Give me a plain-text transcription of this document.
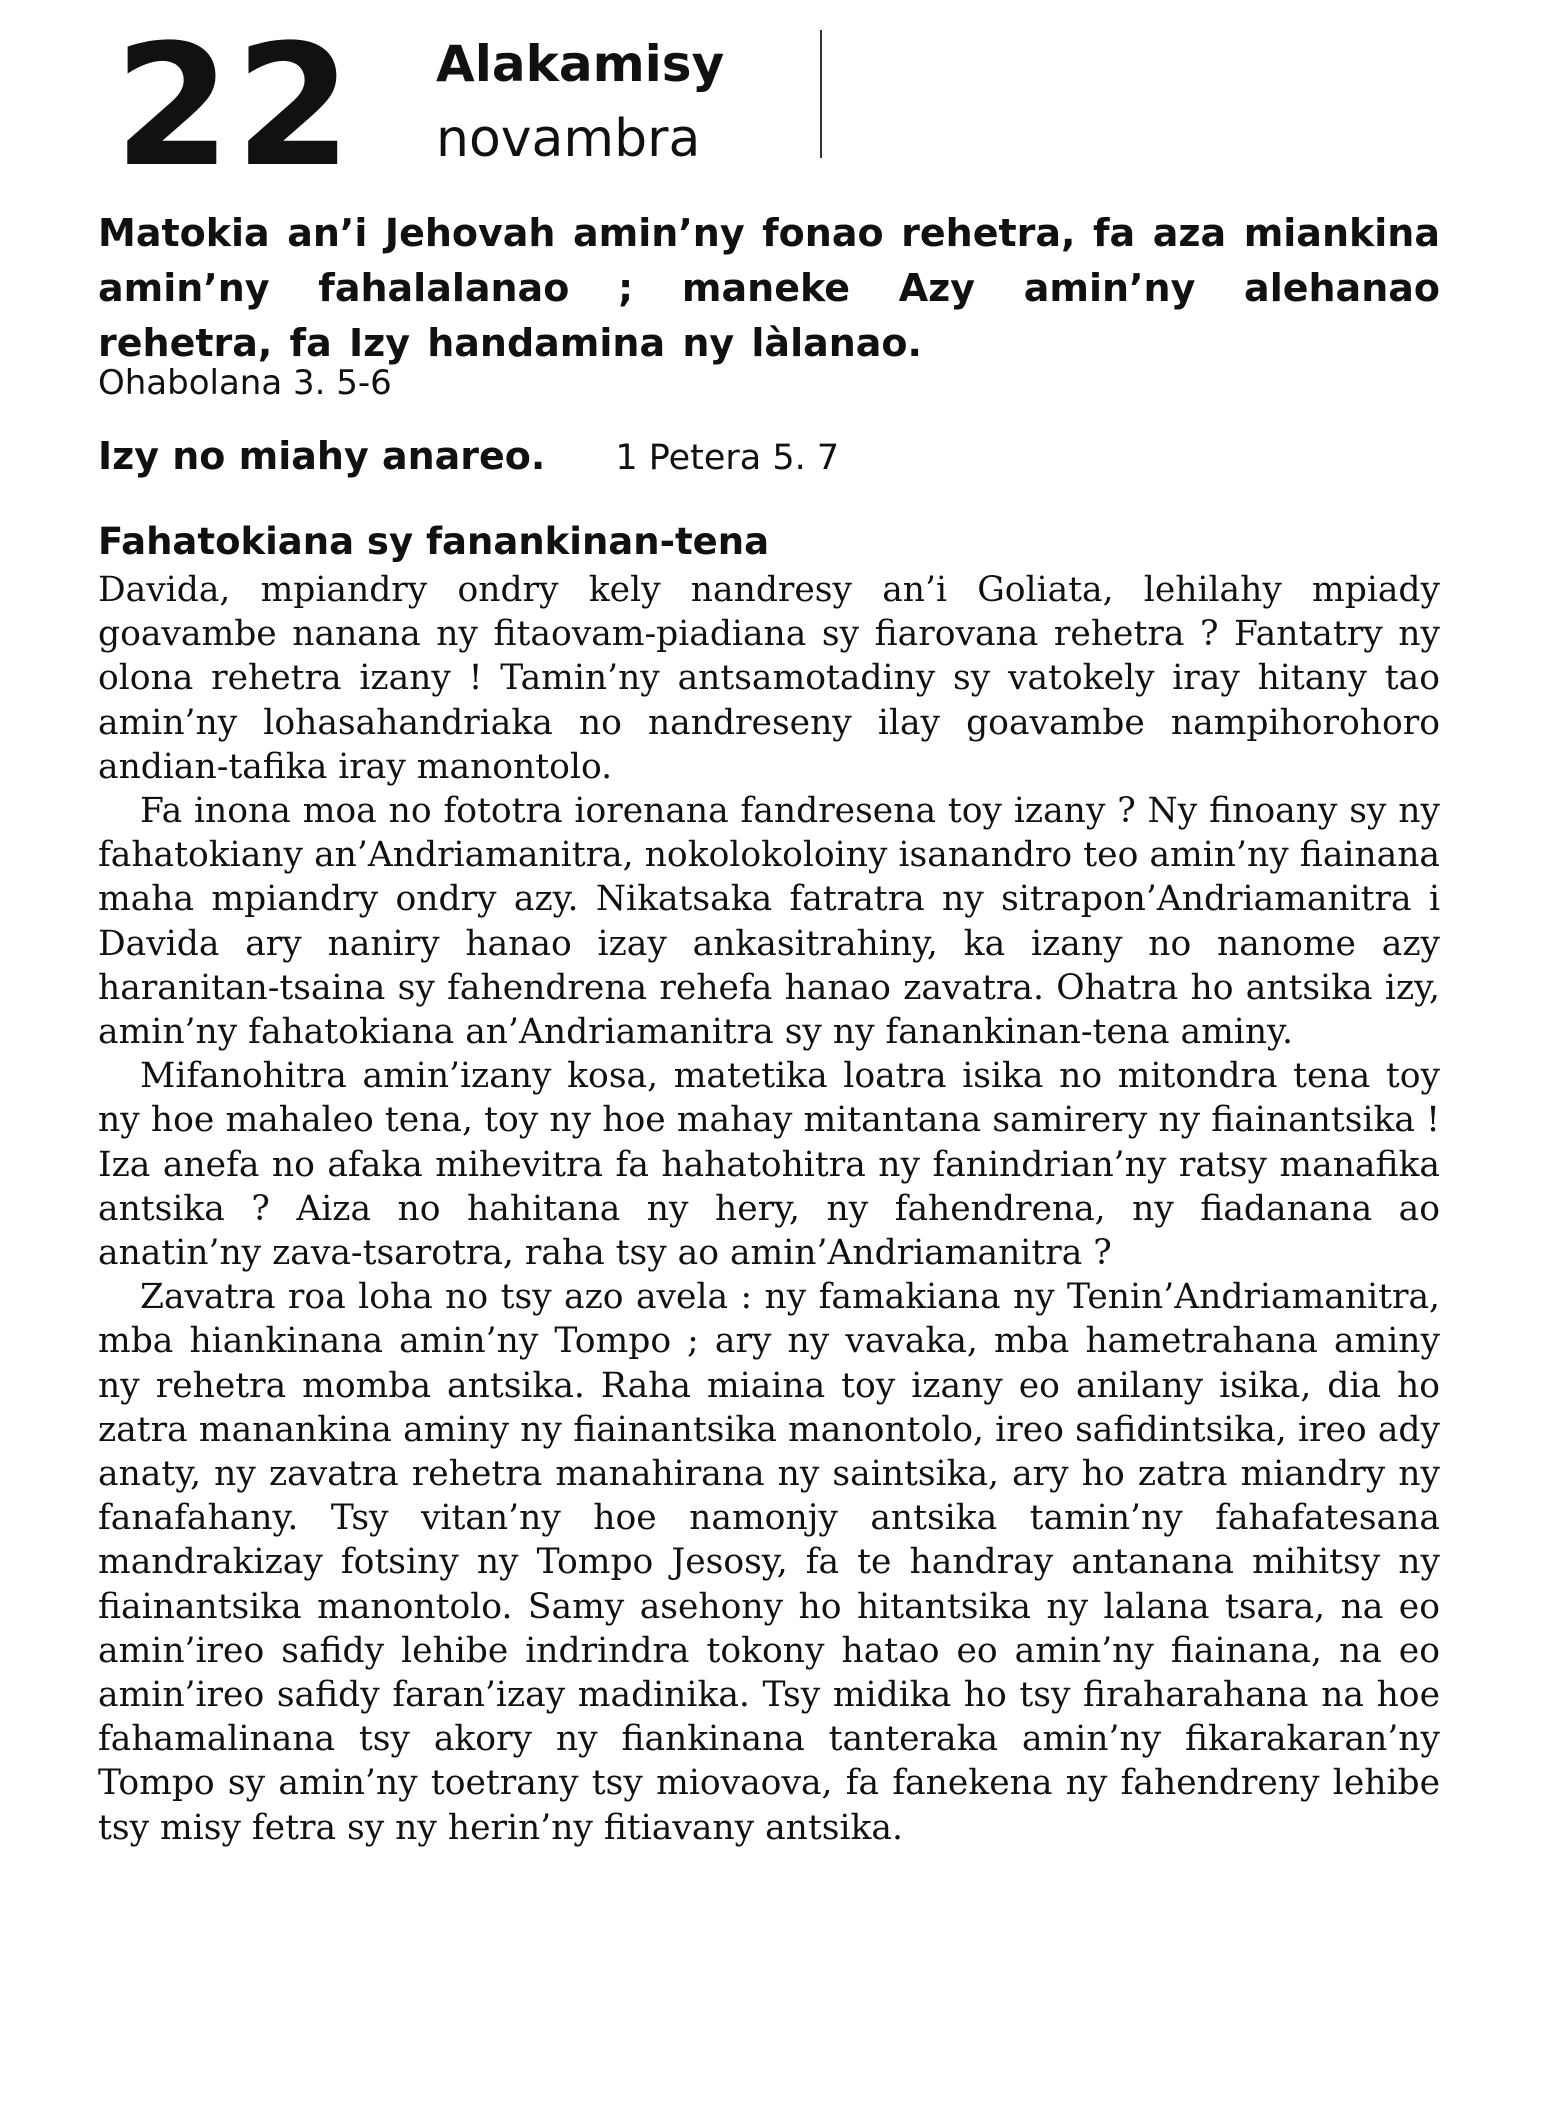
22 Alakamisy
novambra

Matokia an’i Jehovah amin’ny fonao rehetra, fa aza miankina amin’ny fahalalanao ; maneke Azy amin’ny alehanao rehetra, fa Izy handamina ny làlanao.

Ohabolana 3. 5-6
Izy no miahy anareo. 1 Petera 5. 7
Fahatokiana sy fanankinan-tena

Davida, mpiandry ondry kely nandresy an’i Goliata, lehilahy mpiady goavambe nanana ny fitaovam-piadiana sy fiarovana rehetra ? Fantatry ny olona rehetra izany ! Tamin’ny antsamotadiny sy vatokely iray hitany tao amin’ny lohasahandriaka no nandreseny ilay goavambe nampihorohoro andian-tafika iray manontolo.

Fa inona moa no fototra iorenana fandresena toy izany ? Ny finoany sy ny fahatokiany an’Andriamanitra, nokolokoloiny isanandro teo amin’ny fiainana maha mpiandry ondry azy. Nikatsaka fatratra ny sitrapon’Andriamanitra i Davida ary naniry hanao izay ankasitrahiny, ka izany no nanome azy haranitan-tsaina sy fahendrena rehefa hanao zavatra. Ohatra ho antsika izy, amin’ny fahatokiana an’Andriamanitra sy ny fanankinan-tena aminy.

Mifanohitra amin’izany kosa, matetika loatra isika no mitondra tena toy ny hoe mahaleo tena, toy ny hoe mahay mitantana samirery ny fiainantsika ! Iza anefa no afaka mihevitra fa hahatohitra ny fanindrian’ny ratsy manafika antsika ? Aiza no hahitana ny hery, ny fahendrena, ny fiadanana ao anatin’ny zava-tsarotra, raha tsy ao amin’Andriamanitra ?

Zavatra roa loha no tsy azo avela : ny famakiana ny Tenin’Andriamanitra, mba hiankinana amin’ny Tompo ; ary ny vavaka, mba hametrahana aminy ny rehetra momba antsika. Raha miaina toy izany eo anilany isika, dia ho zatra manankina aminy ny fiainantsika manontolo, ireo safidintsika, ireo ady anaty, ny zavatra rehetra manahirana ny saintsika, ary ho zatra miandry ny fanafahany. Tsy vitan’ny hoe namonjy antsika tamin’ny fahafatesana mandrakizay fotsiny ny Tompo Jesosy, fa te handray antanana mihitsy ny fiainantsika manontolo. Samy asehony ho hitantsika ny lalana tsara, na eo amin’ireo safidy lehibe indrindra tokony hatao eo amin’ny fiainana, na eo amin’ireo safidy faran’izay madinika. Tsy midika ho tsy firaharahana na hoe fahamalinana tsy akory ny fiankinana tanteraka amin’ny fikarakaran’ny Tompo sy amin’ny toetrany tsy miovaova, fa fanekena ny fahendreny lehibe tsy misy fetra sy ny herin’ny fitiavany antsika.
